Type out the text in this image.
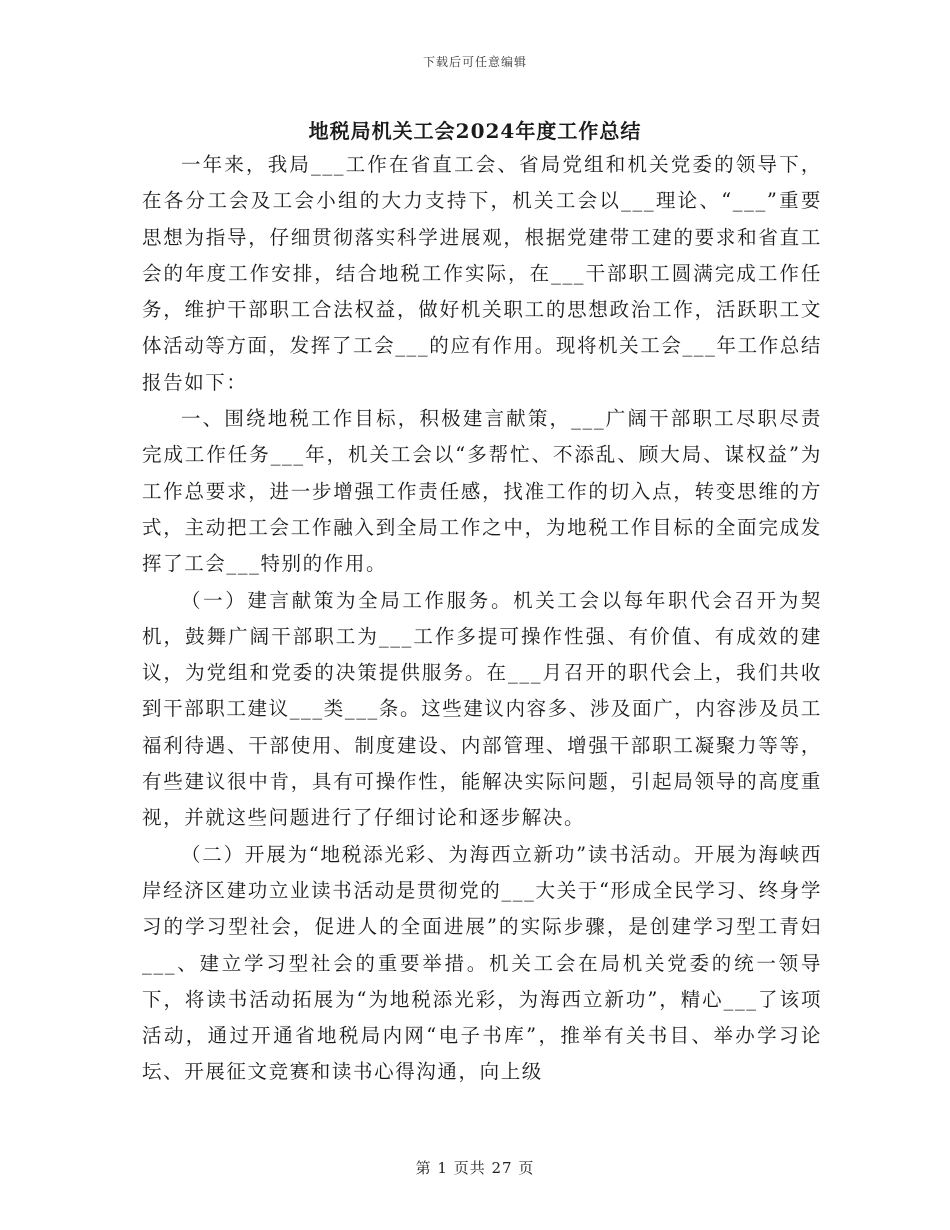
下载后可任意编辑
地税局机关工会2024年度工作总结

一年来，我局___工作在省直工会、省局党组和机关党委的领导下，在各分工会及工会小组的大力支持下，机关工会以___理论、“___”重要思想为指导，仔细贯彻落实科学进展观，根据党建带工建的要求和省直工会的年度工作安排，结合地税工作实际，在___干部职工圆满完成工作任务，维护干部职工合法权益，做好机关职工的思想政治工作，活跃职工文体活动等方面，发挥了工会___的应有作用。现将机关工会___年工作总结报告如下：

一、围绕地税工作目标，积极建言献策，___广阔干部职工尽职尽责完成工作任务___年，机关工会以“多帮忙、不添乱、顾大局、谋权益”为工作总要求，进一步增强工作责任感，找准工作的切入点，转变思维的方式，主动把工会工作融入到全局工作之中，为地税工作目标的全面完成发挥了工会___特别的作用。

（一）建言献策为全局工作服务。机关工会以每年职代会召开为契机，鼓舞广阔干部职工为___工作多提可操作性强、有价值、有成效的建议，为党组和党委的决策提供服务。在___月召开的职代会上，我们共收到干部职工建议___类___条。这些建议内容多、涉及面广，内容涉及员工福利待遇、干部使用、制度建设、内部管理、增强干部职工凝聚力等等，有些建议很中肯，具有可操作性，能解决实际问题，引起局领导的高度重视，并就这些问题进行了仔细讨论和逐步解决。

（二）开展为“地税添光彩、为海西立新功”读书活动。开展为海峡西岸经济区建功立业读书活动是贯彻党的___大关于“形成全民学习、终身学习的学习型社会，促进人的全面进展”的实际步骤，是创建学习型工青妇___、建立学习型社会的重要举措。机关工会在局机关党委的统一领导下，将读书活动拓展为“为地税添光彩，为海西立新功”，精心___了该项活动，通过开通省地税局内网“电子书库”，推举有关书目、举办学习论坛、开展征文竞赛和读书心得沟通，向上级

第 1 页共 27 页
